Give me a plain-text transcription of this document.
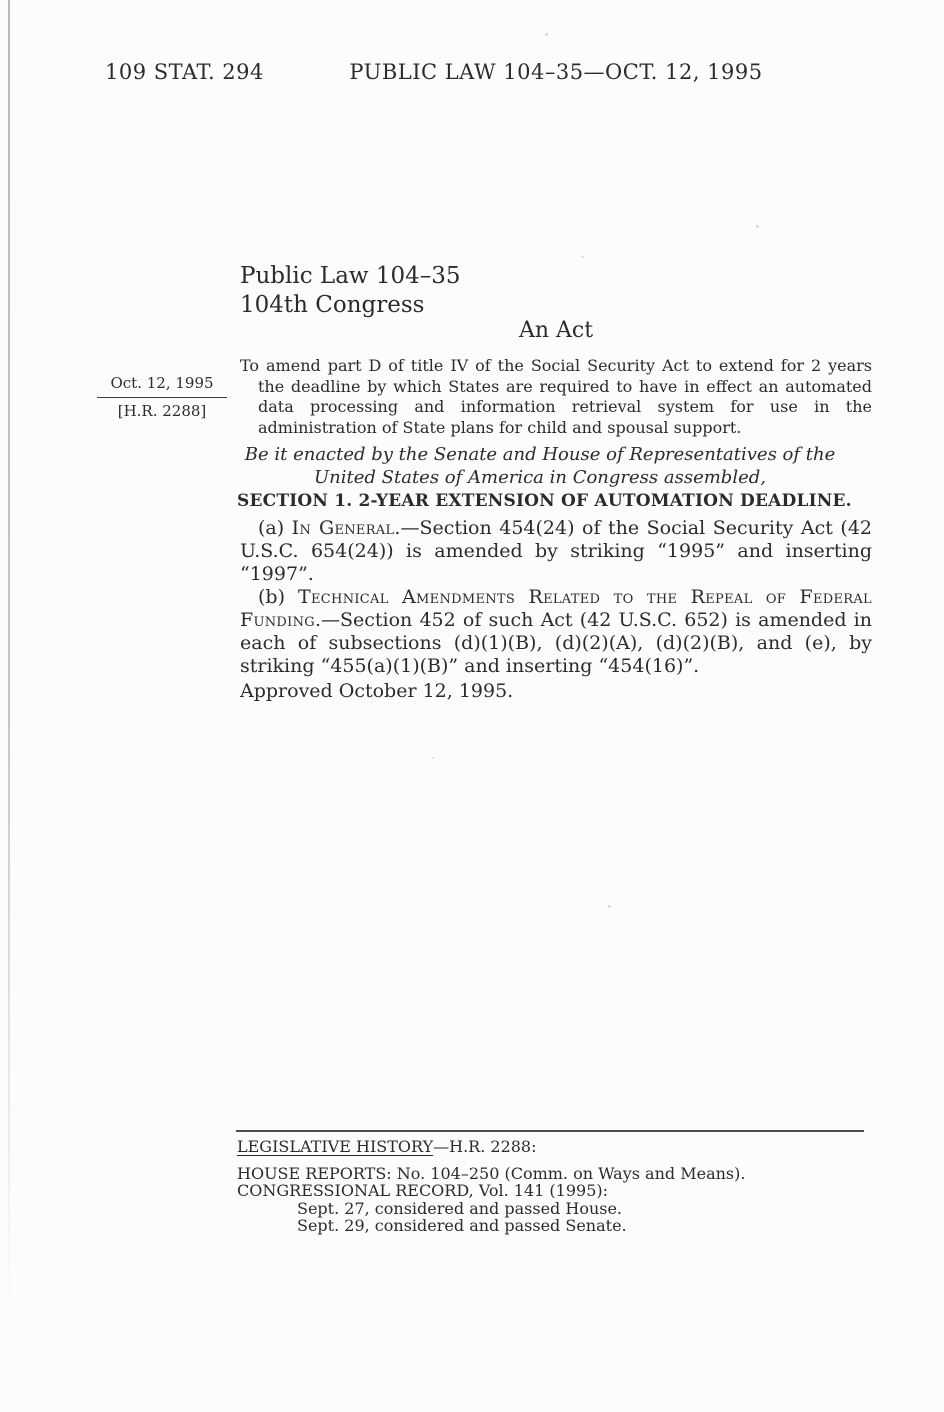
109 STAT. 294	PUBLIC LAW 104–35—OCT. 12, 1995
Public Law 104–35
104th Congress
An Act
Oct. 12, 1995
[H.R. 2288]
To amend part D of title IV of the Social Security Act to extend for 2 years the deadline by which States are required to have in effect an automated data processing and information retrieval system for use in the administration of State plans for child and spousal support.
Be it enacted by the Senate and House of Representatives of the United States of America in Congress assembled,
SECTION 1. 2-YEAR EXTENSION OF AUTOMATION DEADLINE.

(a) In General.—Section 454(24) of the Social Security Act (42 U.S.C. 654(24)) is amended by striking “1995” and inserting “1997”.

(b) Technical Amendments Related to the Repeal of Federal Funding.—Section 452 of such Act (42 U.S.C. 652) is amended in each of subsections (d)(1)(B), (d)(2)(A), (d)(2)(B), and (e), by striking “455(a)(1)(B)” and inserting “454(16)”.

Approved October 12, 1995.

LEGISLATIVE HISTORY—H.R. 2288:

HOUSE REPORTS: No. 104–250 (Comm. on Ways and Means).

CONGRESSIONAL RECORD, Vol. 141 (1995):

Sept. 27, considered and passed House.

Sept. 29, considered and passed Senate.
